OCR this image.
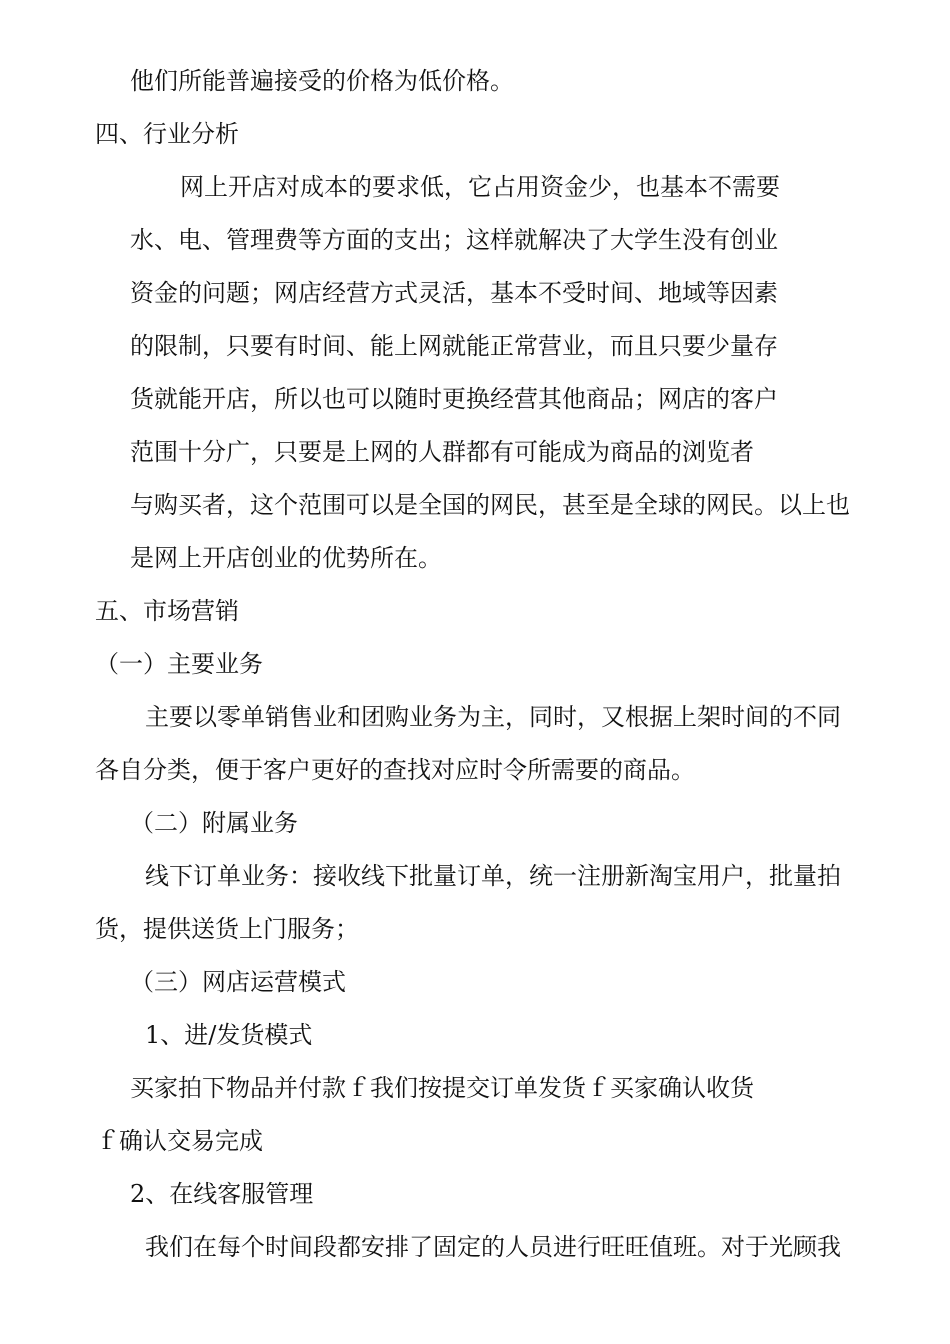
他们所能普遍接受的价格为低价格。
四、行业分析
网上开店对成本的要求低，它占用资金少，也基本不需要
水、电、管理费等方面的支出；这样就解决了大学生没有创业
资金的问题；网店经营方式灵活，基本不受时间、地域等因素
的限制，只要有时间、能上网就能正常营业，而且只要少量存
货就能开店，所以也可以随时更换经营其他商品；网店的客户
范围十分广，只要是上网的人群都有可能成为商品的浏览者
与购买者，这个范围可以是全国的网民，甚至是全球的网民。以上也
是网上开店创业的优势所在。
五、市场营销
（一）主要业务
主要以零单销售业和团购业务为主，同时，又根据上架时间的不同
各自分类，便于客户更好的查找对应时令所需要的商品。
（二）附属业务
线下订单业务：接收线下批量订单，统一注册新淘宝用户，批量拍
货，提供送货上门服务；
（三）网店运营模式
1、进/发货模式
买家拍下物品并付款ｆ我们按提交订单发货ｆ买家确认收货
ｆ确认交易完成
2、在线客服管理
我们在每个时间段都安排了固定的人员进行旺旺值班。对于光顾我
